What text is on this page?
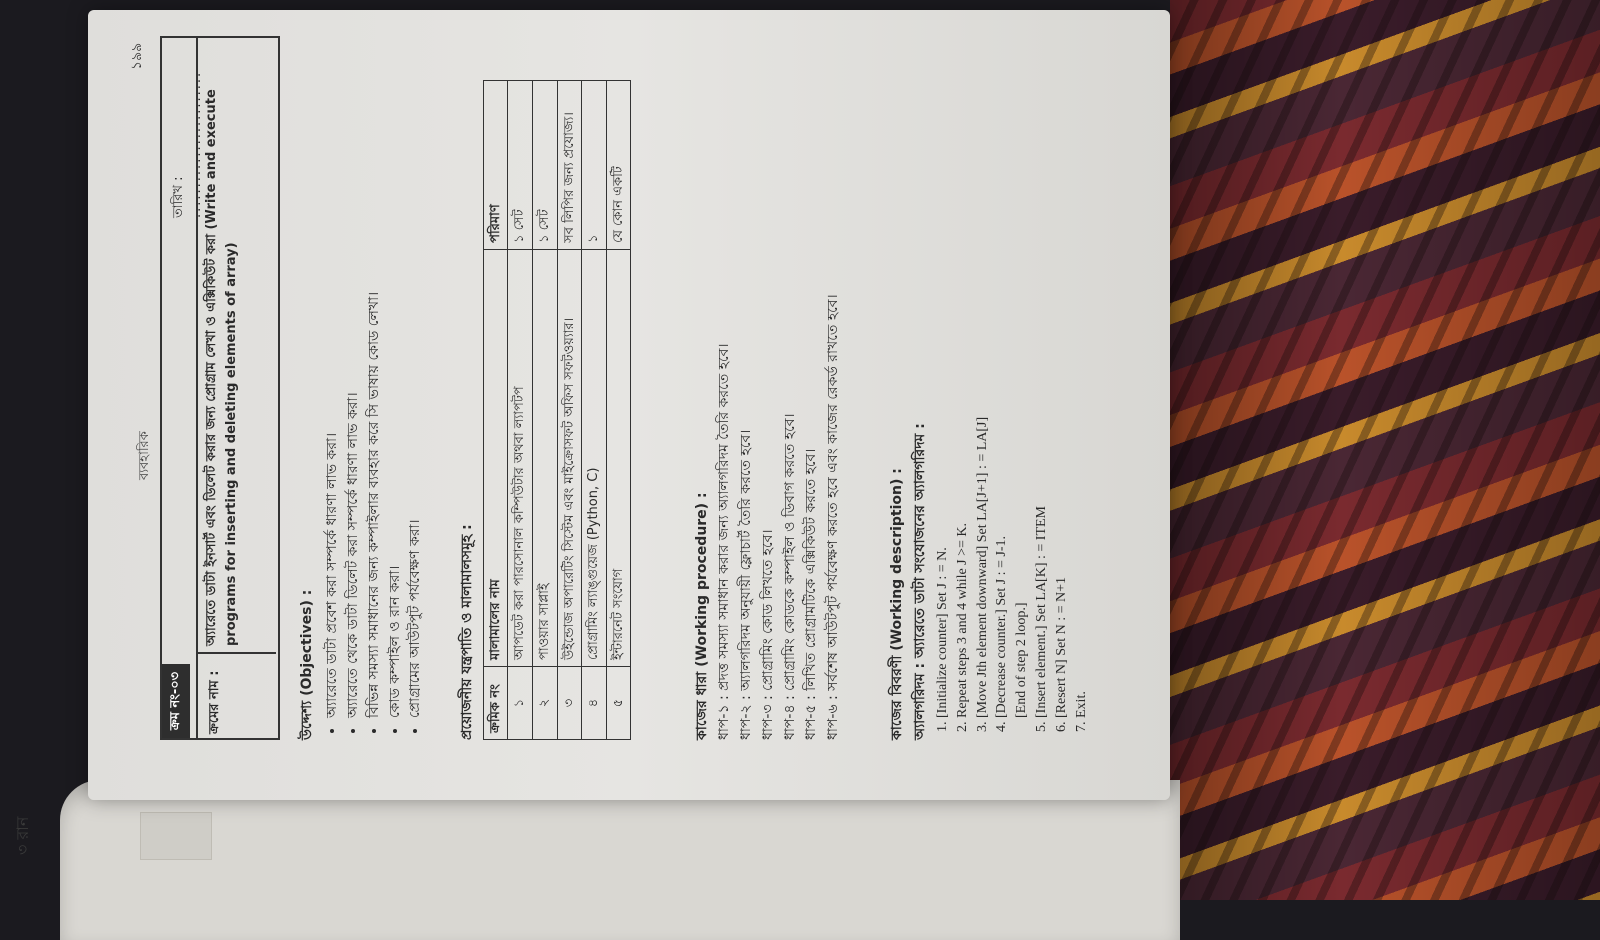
৩ রান
ব্যবহারিক
১৯৯
ক্রম নং-০৩
তারিখ : ........................
ক্রমের নাম :
অ্যারেতে ডাটা ইনসার্ট এবং ডিলেট করার জন্য প্রোগ্রাম লেখা ও এক্সিকিউট করা (Write and execute programs for inserting and deleting elements of array)
উদ্দেশ্য (Objectives) : • অ্যারেতে ডাটা প্রবেশ করা সম্পর্কে ধারণা লাভ করা। • অ্যারেতে থেকে ডাটা ডিলেট করা সম্পর্কে ধারণা লাভ করা। • বিভিন্ন সমস্যা সমাধানের জন্য কম্পাইলার ব্যবহার করে সি ভাষায় কোড লেখা। • কোড কম্পাইল ও রান করা। • প্রোগ্রামের আউটপুট পর্যবেক্ষণ করা।	প্রয়োজনীয় যন্ত্রপাতি ও মালামালসমূহ : ক্রমিক নং	মালামালের নাম	পরিমাণ
১	আপডেট করা পারসোনাল কম্পিউটার অথবা ল্যাপটপ	১ সেট
২	পাওয়ার সাপ্লাই	১ সেট
৩	উইন্ডোজ অপারেটিং সিস্টেম এবং মাইক্রোসফট অফিস সফটওয়্যার।	সব লিপির জন্য প্রযোজ্য।
৪	প্রোগ্রামিং ল্যাঙ্গুয়েজ (Python, C)	১
৫	ইন্টারনেট সংযোগ	যে কোন একটি
কাজের ধারা (Working procedure) : ধাপ-১ : প্রদত্ত সমস্যা সমাধান করার জন্য অ্যালগরিদম তৈরি করতে হবে। ধাপ-২ : অ্যালগরিদম অনুযায়ী ফ্লোচার্ট তৈরি করতে হবে। ধাপ-৩ : প্রোগ্রামিং কোড লিখতে হবে। ধাপ-৪ : প্রোগ্রামিং কোডকে কম্পাইল ও ডিবাগ করতে হবে। ধাপ-৫ : লিখিত প্রোগ্রামটিকে এক্সিকিউট করতে হবে। ধাপ-৬ : সর্বশেষ আউটপুট পর্যবেক্ষণ করতে হবে এবং কাজের রেকর্ড রাখতে হবে।	কাজের বিবরণী (Working description) : অ্যালগরিদম : অ্যারেতে ডাটা সংযোজনের অ্যালগরিদম : 1. [Initialize counter] Set J : = N. 2. Repeat steps 3 and 4 while J >= K. 3. [Move Jth element downward] Set LA[J+1] : = LA[J] 4. [Decrease counter.] Set J : = J-1. [End of step 2 loop.] 5. [Insert element.] Set LA[K] : = ITEM 6. [Resert N] Set N : = N+1 7. Exit.
